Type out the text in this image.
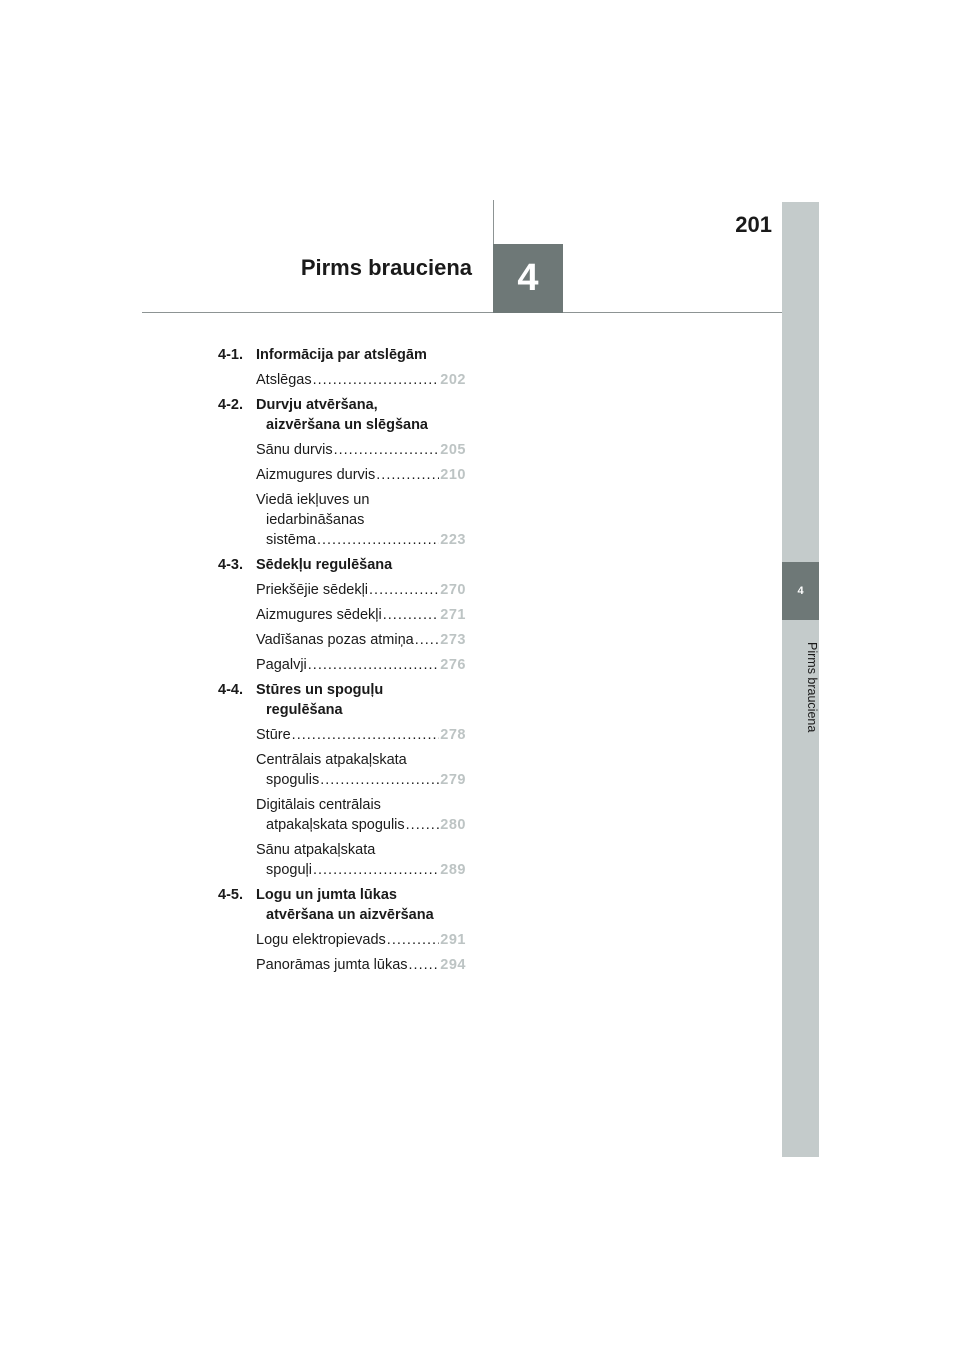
4
Pirms brauciena
201
Pirms brauciena	4
4-1. Informācija par atslēgām
Atslēgas .....	202
4-2. Durvju atvēršana,
aizvēršana un slēgšana
Sānu durvis .....	205
Aizmugures durvis .....	210
Viedā iekļuves un
iedarbināšanas
sistēma .....	223
4-3. Sēdekļu regulēšana
Priekšējie sēdekļi .....	270
Aizmugures sēdekļi .....	271
Vadīšanas pozas atmiņa ..... 273
Pagalvji .....	276
4-4. Stūres un spoguļu
regulēšana
Stūre .....	278
Centrālais atpakaļskata
spogulis .....	279
Digitālais centrālais
atpakaļskata spogulis ..... 280
Sānu atpakaļskata
spoguļi .....	289
4-5. Logu un jumta lūkas
atvēršana un aizvēršana
Logu elektropievads .....	291
Panorāmas jumta lūkas ..... 294
